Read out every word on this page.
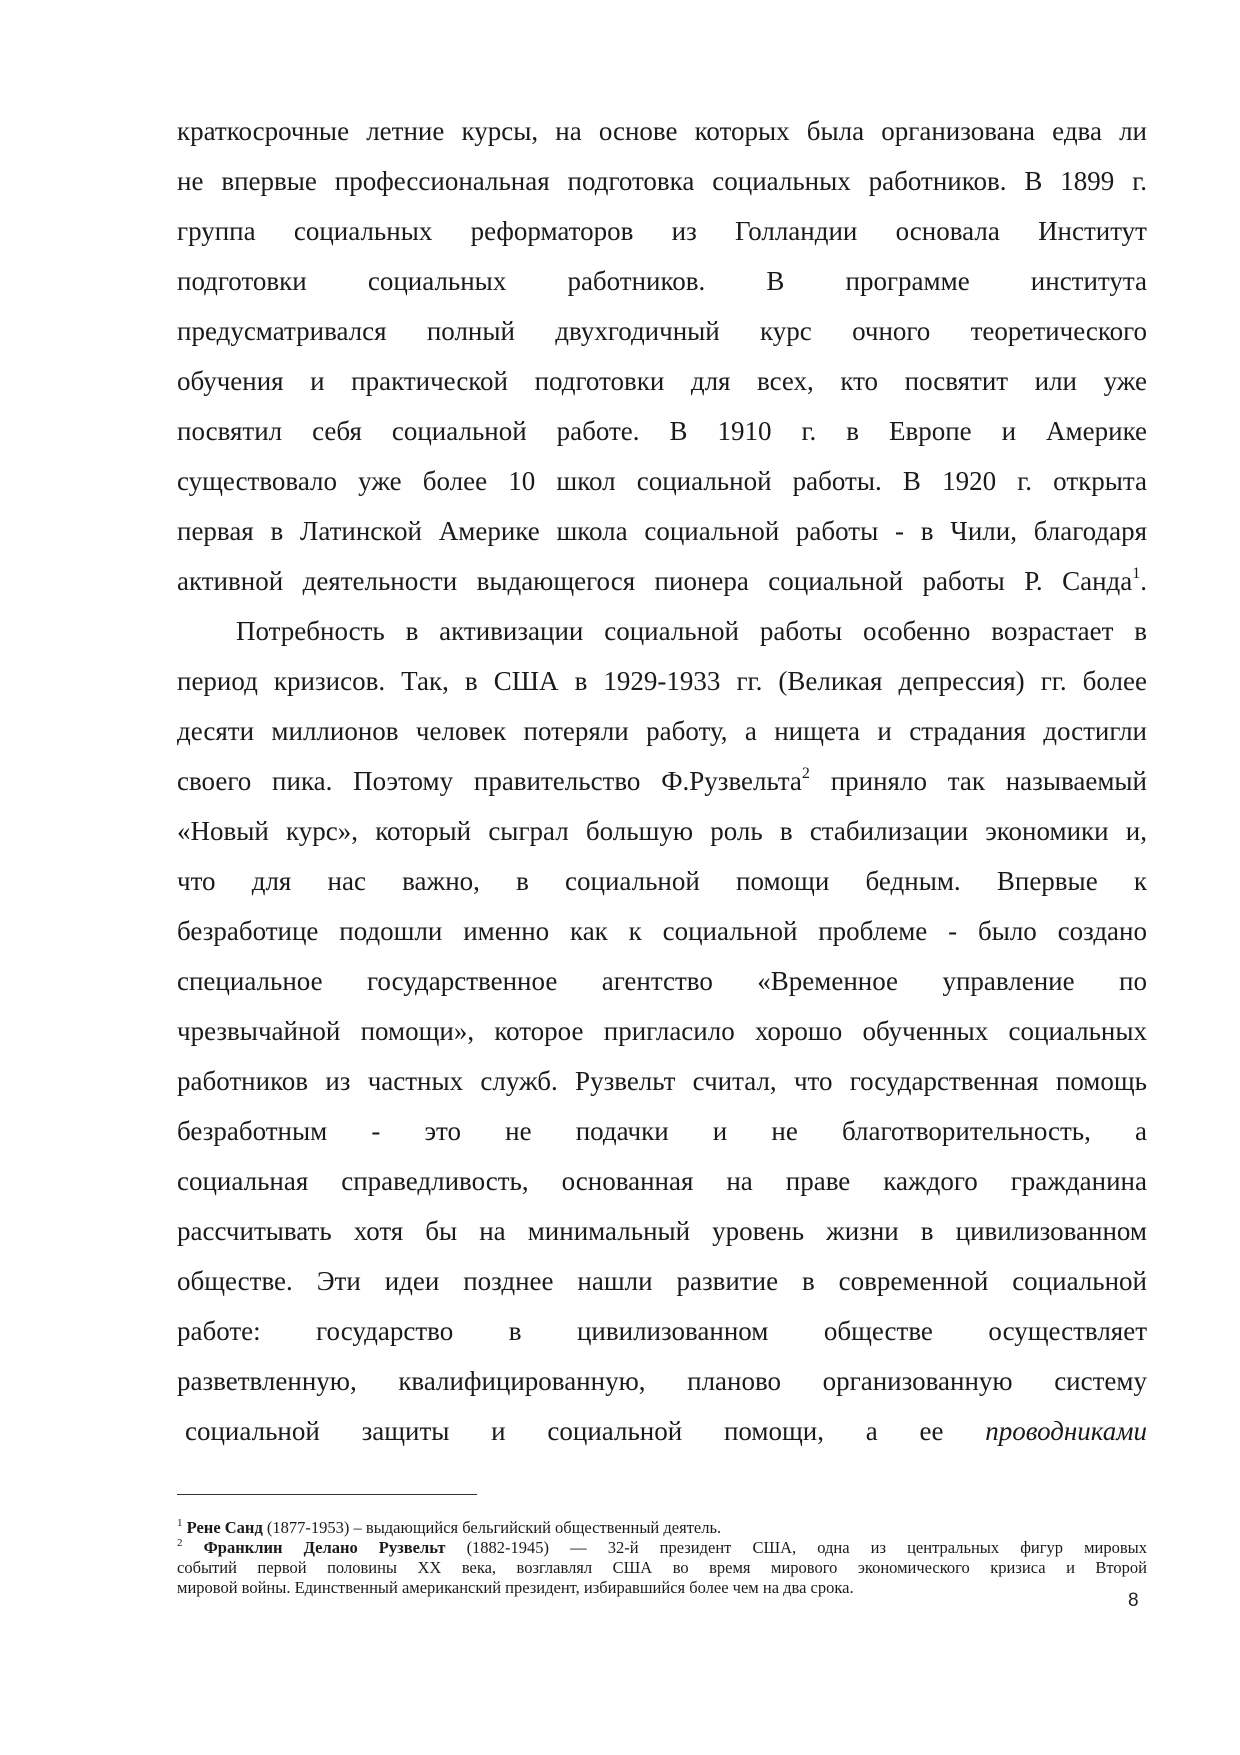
краткосрочные летние курсы, на основе которых была организована едва ли
не впервые профессиональная подготовка социальных работников. В 1899 г.
группа социальных реформаторов из Голландии основала Институт
подготовки социальных работников. В программе института
предусматривался полный двухгодичный курс очного теоретического
обучения и практической подготовки для всех, кто посвятит или уже
посвятил себя социальной работе. В 1910 г. в Европе и Америке
существовало уже более 10 школ социальной работы. В 1920 г. открыта
первая в Латинской Америке школа социальной работы - в Чили, благодаря
активной деятельности выдающегося пионера социальной работы Р. Санда$^1$.
Потребность в активизации социальной работы особенно возрастает в
период кризисов. Так, в США в 1929-1933 гг. (Великая депрессия) гг. более
десяти миллионов человек потеряли работу, а нищета и страдания достигли
своего пика. Поэтому правительство Ф.Рузвельта$^2$ приняло так называемый
«Новый курс», который сыграл большую роль в стабилизации экономики и,
что для нас важно, в социальной помощи бедным. Впервые к
безработице подошли именно как к социальной проблеме - было создано
специальное государственное агентство «Временное управление по
чрезвычайной помощи», которое пригласило хорошо обученных социальных
работников из частных служб. Рузвельт считал, что государственная помощь
безработным - это не подачки и не благотворительность, а
социальная справедливость, основанная на праве каждого гражданина
рассчитывать хотя бы на минимальный уровень жизни в цивилизованном
обществе. Эти идеи позднее нашли развитие в современной социальной
работе: государство в цивилизованном обществе осуществляет
разветвленную, квалифицированную, планово организованную систему
социальной защиты и социальной помощи, а ее проводниками
$^1$ Рене Санд (1877-1953) – выдающийся бельгийский общественный деятель.
$^2$ Франклин Делано Рузвельт (1882-1945) — 32-й президент США, одна из центральных фигур мировых
событий первой половины XX века, возглавлял США во время мирового экономического кризиса и Второй
мировой войны. Единственный американский президент, избиравшийся более чем на два срока.
8
